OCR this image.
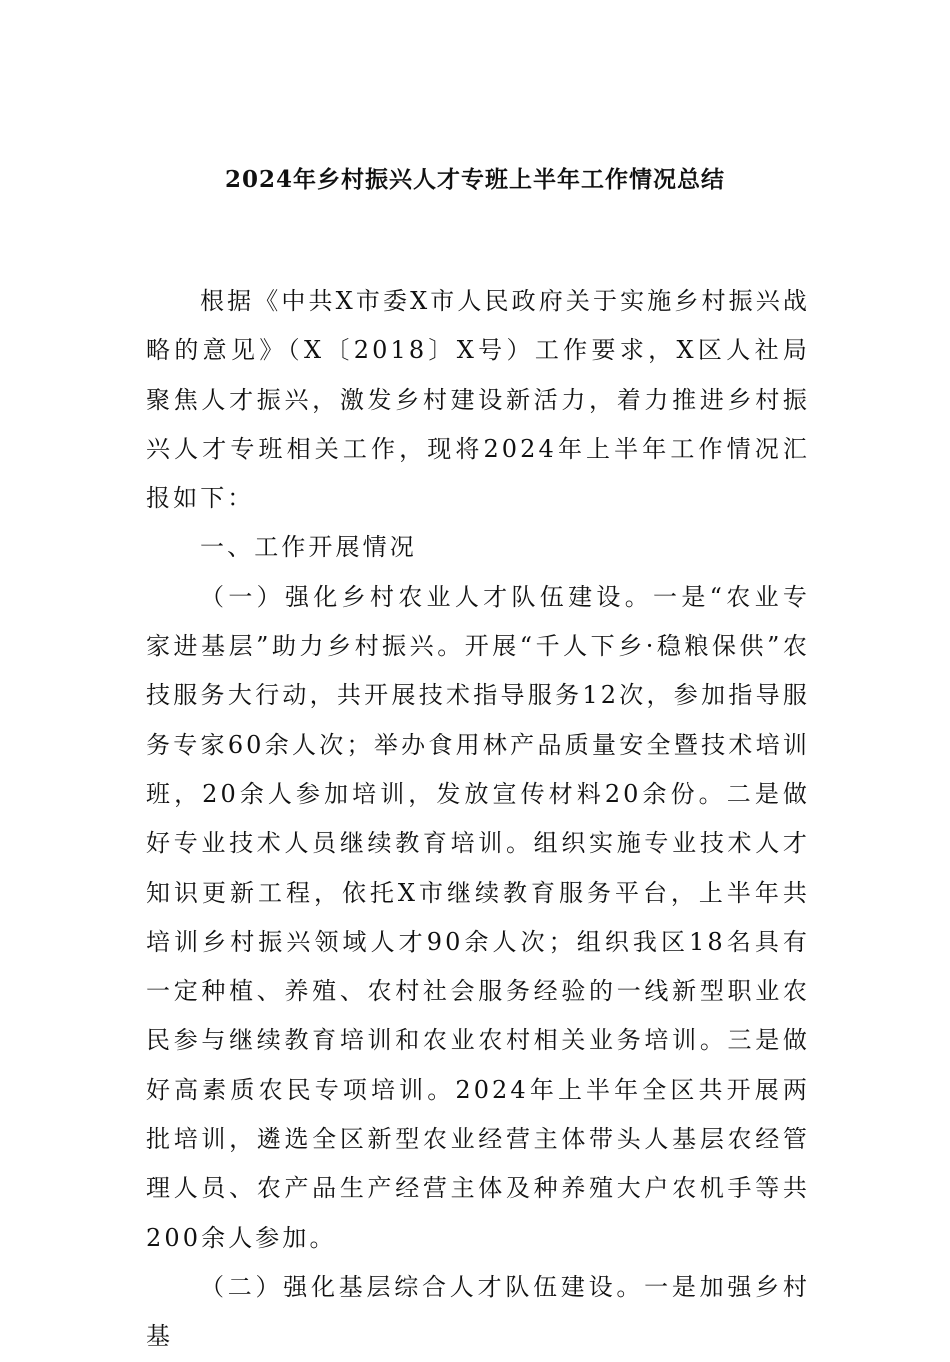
2024年乡村振兴人才专班上半年工作情况总结

根据《中共X市委X市人民政府关于实施乡村振兴战略的意见》（X〔2018〕X号）工作要求，X区人社局聚焦人才振兴，激发乡村建设新活力，着力推进乡村振兴人才专班相关工作，现将2024年上半年工作情况汇报如下：

一、工作开展情况

（一）强化乡村农业人才队伍建设。一是“农业专家进基层”助力乡村振兴。开展“千人下乡·稳粮保供”农技服务大行动，共开展技术指导服务12次，参加指导服务专家60余人次；举办食用林产品质量安全暨技术培训班，20余人参加培训，发放宣传材料20余份。二是做好专业技术人员继续教育培训。组织实施专业技术人才知识更新工程，依托X市继续教育服务平台，上半年共培训乡村振兴领域人才90余人次；组织我区18名具有一定种植、养殖、农村社会服务经验的一线新型职业农民参与继续教育培训和农业农村相关业务培训。三是做好高素质农民专项培训。2024年上半年全区共开展两批培训，遴选全区新型农业经营主体带头人基层农经管理人员、农产品生产经营主体及种养殖大户农机手等共200余人参加。

（二）强化基层综合人才队伍建设。一是加强乡村基
